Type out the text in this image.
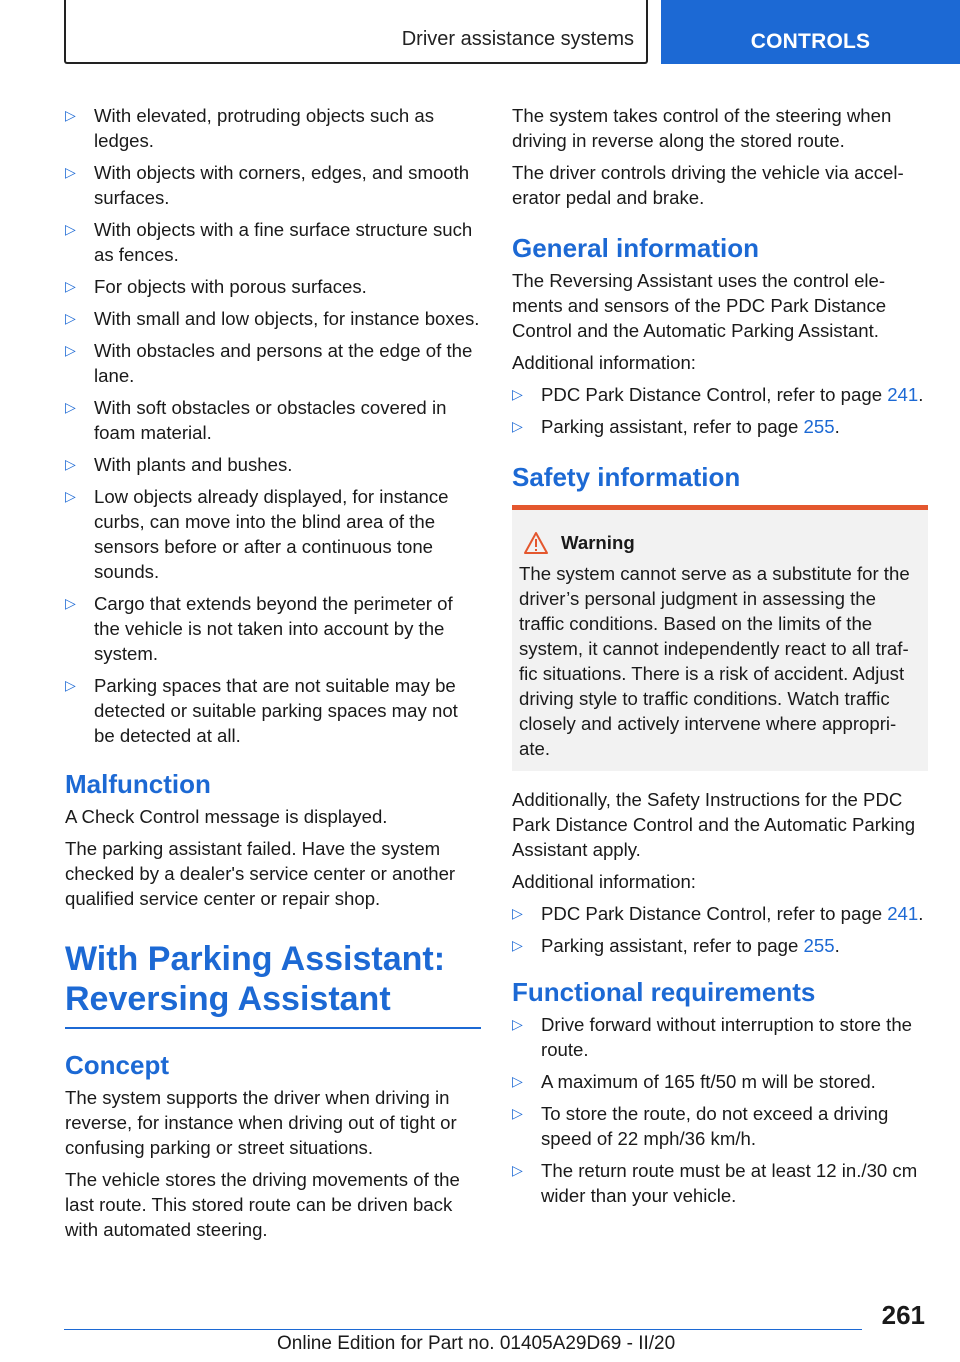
Driver assistance systems	CONTROLS
▷ With elevated, protruding objects such as ledges.
▷ With objects with corners, edges, and smooth surfaces.
▷ With objects with a fine surface structure such as fences.
▷ For objects with porous surfaces.
▷ With small and low objects, for instance boxes.
▷ With obstacles and persons at the edge of the lane.
▷ With soft obstacles or obstacles covered in foam material.
▷ With plants and bushes.
▷ Low objects already displayed, for instance curbs, can move into the blind area of the sensors before or after a continuous tone sounds.
▷ Cargo that extends beyond the perimeter of the vehicle is not taken into account by the system.
▷ Parking spaces that are not suitable may be detected or suitable parking spaces may not be detected at all.
Malfunction

A Check Control message is displayed.

The parking assistant failed. Have the system checked by a dealer's service center or another qualified service center or repair shop.

With Parking Assistant:
Reversing Assistant
Concept

The system supports the driver when driving in reverse, for instance when driving out of tight or confusing parking or street situations.

The vehicle stores the driving movements of the last route. This stored route can be driven back with automated steering.

The system takes control of the steering when driving in reverse along the stored route.

The driver controls driving the vehicle via accel‐erator pedal and brake.

General information

The Reversing Assistant uses the control ele‐ments and sensors of the PDC Park Distance Control and the Automatic Parking Assistant.

Additional information:

▷ PDC Park Distance Control, refer to page 241.
▷ Parking assistant, refer to page 255.
Safety information
Warning
The system cannot serve as a substitute for the driver’s personal judgment in assessing the traffic conditions. Based on the limits of the system, it cannot independently react to all traf‐fic situations. There is a risk of accident. Adjust driving style to traffic conditions. Watch traffic closely and actively intervene where appropri‐ate.

Additionally, the Safety Instructions for the PDC Park Distance Control and the Automatic Parking Assistant apply.

Additional information:

▷ PDC Park Distance Control, refer to page 241.
▷ Parking assistant, refer to page 255.
Functional requirements
▷ Drive forward without interruption to store the route.
▷ A maximum of 165 ft/50 m will be stored.
▷ To store the route, do not exceed a driving speed of 22 mph/36 km/h.
▷ The return route must be at least 12 in./30 cm wider than your vehicle.
261
Online Edition for Part no. 01405A29D69 - II/20
